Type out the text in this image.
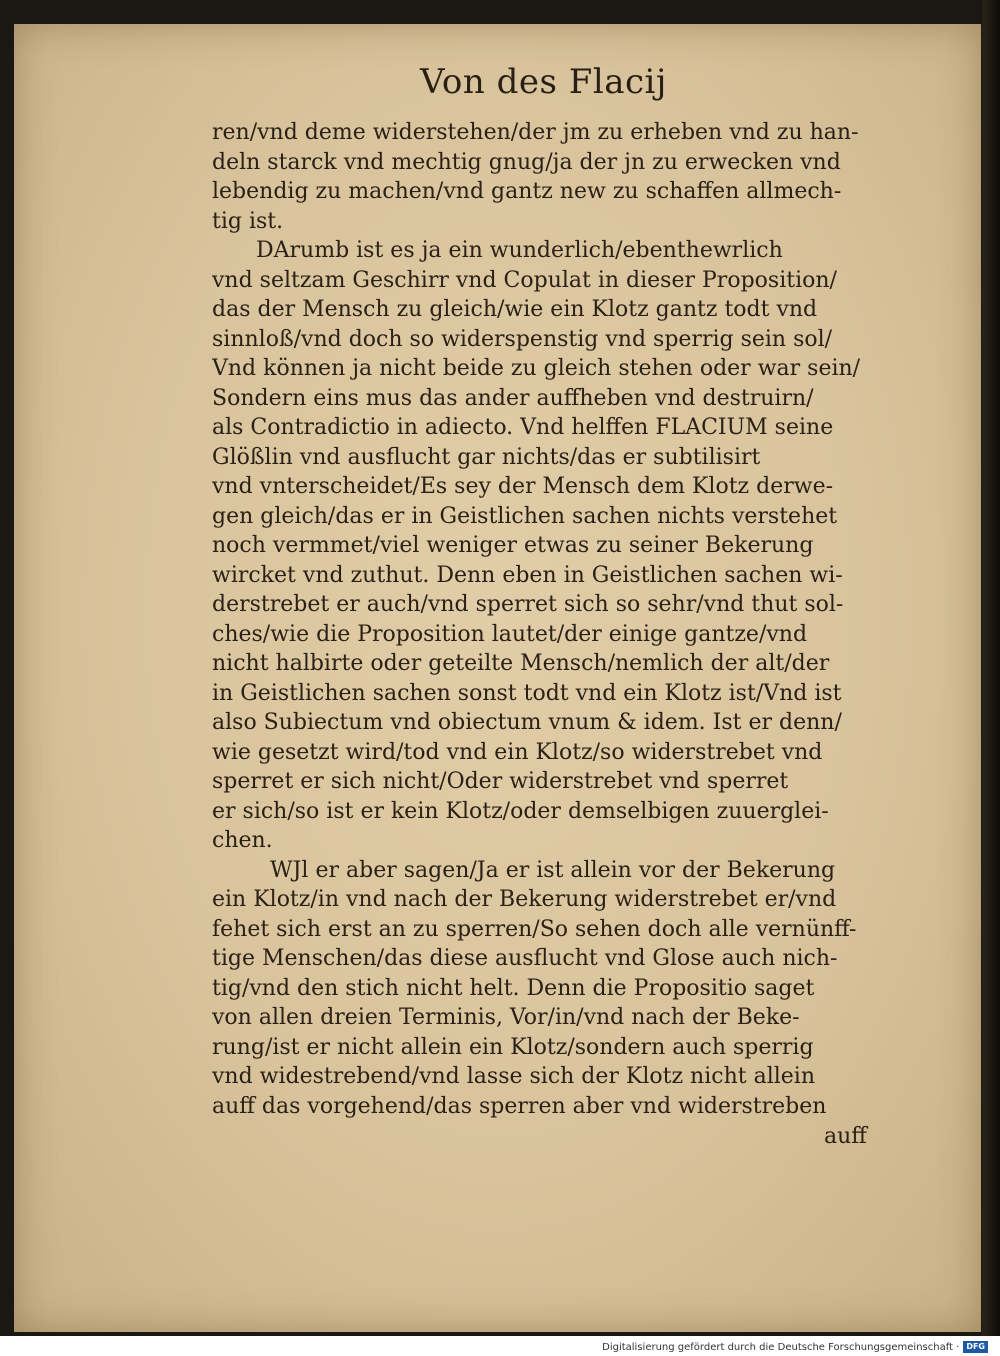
Von des Flacij
ren/vnd deme widerstehen/der jm zu erheben vnd zu han-
deln starck vnd mechtig gnug/ja der jn zu erwecken vnd
lebendig zu machen/vnd gantz new zu schaffen allmech-
tig ist.
DArumb ist es ja ein wunderlich/ebenthewrlich
vnd seltzam Geschirr vnd Copulat in dieser Proposition/
das der Mensch zu gleich/wie ein Klotz gantz todt vnd
sinnloß/vnd doch so widerspenstig vnd sperrig sein sol/
Vnd können ja nicht beide zu gleich stehen oder war sein/
Sondern eins mus das ander auffheben vnd destruirn/
als Contradictio in adiecto. Vnd helffen FLACIUM seine
Glößlin vnd ausflucht gar nichts/das er subtilisirt
vnd vnterscheidet/Es sey der Mensch dem Klotz derwe-
gen gleich/das er in Geistlichen sachen nichts verstehet
noch vermmet/viel weniger etwas zu seiner Bekerung
wircket vnd zuthut. Denn eben in Geistlichen sachen wi-
derstrebet er auch/vnd sperret sich so sehr/vnd thut sol-
ches/wie die Proposition lautet/der einige gantze/vnd
nicht halbirte oder geteilte Mensch/nemlich der alt/der
in Geistlichen sachen sonst todt vnd ein Klotz ist/Vnd ist
also Subiectum vnd obiectum vnum & idem. Ist er denn/
wie gesetzt wird/tod vnd ein Klotz/so widerstrebet vnd
sperret er sich nicht/Oder widerstrebet vnd sperret
er sich/so ist er kein Klotz/oder demselbigen zuuerglei-
chen.
WJl er aber sagen/Ja er ist allein vor der Bekerung
ein Klotz/in vnd nach der Bekerung widerstrebet er/vnd
fehet sich erst an zu sperren/So sehen doch alle vernünff-
tige Menschen/das diese ausflucht vnd Glose auch nich-
tig/vnd den stich nicht helt. Denn die Propositio saget
von allen dreien Terminis, Vor/in/vnd nach der Beke-
rung/ist er nicht allein ein Klotz/sondern auch sperrig
vnd widestrebend/vnd lasse sich der Klotz nicht allein
auff das vorgehend/das sperren aber vnd widerstreben
auff
Digitalisierung gefördert durch die Deutsche Forschungsgemeinschaft · DFG
